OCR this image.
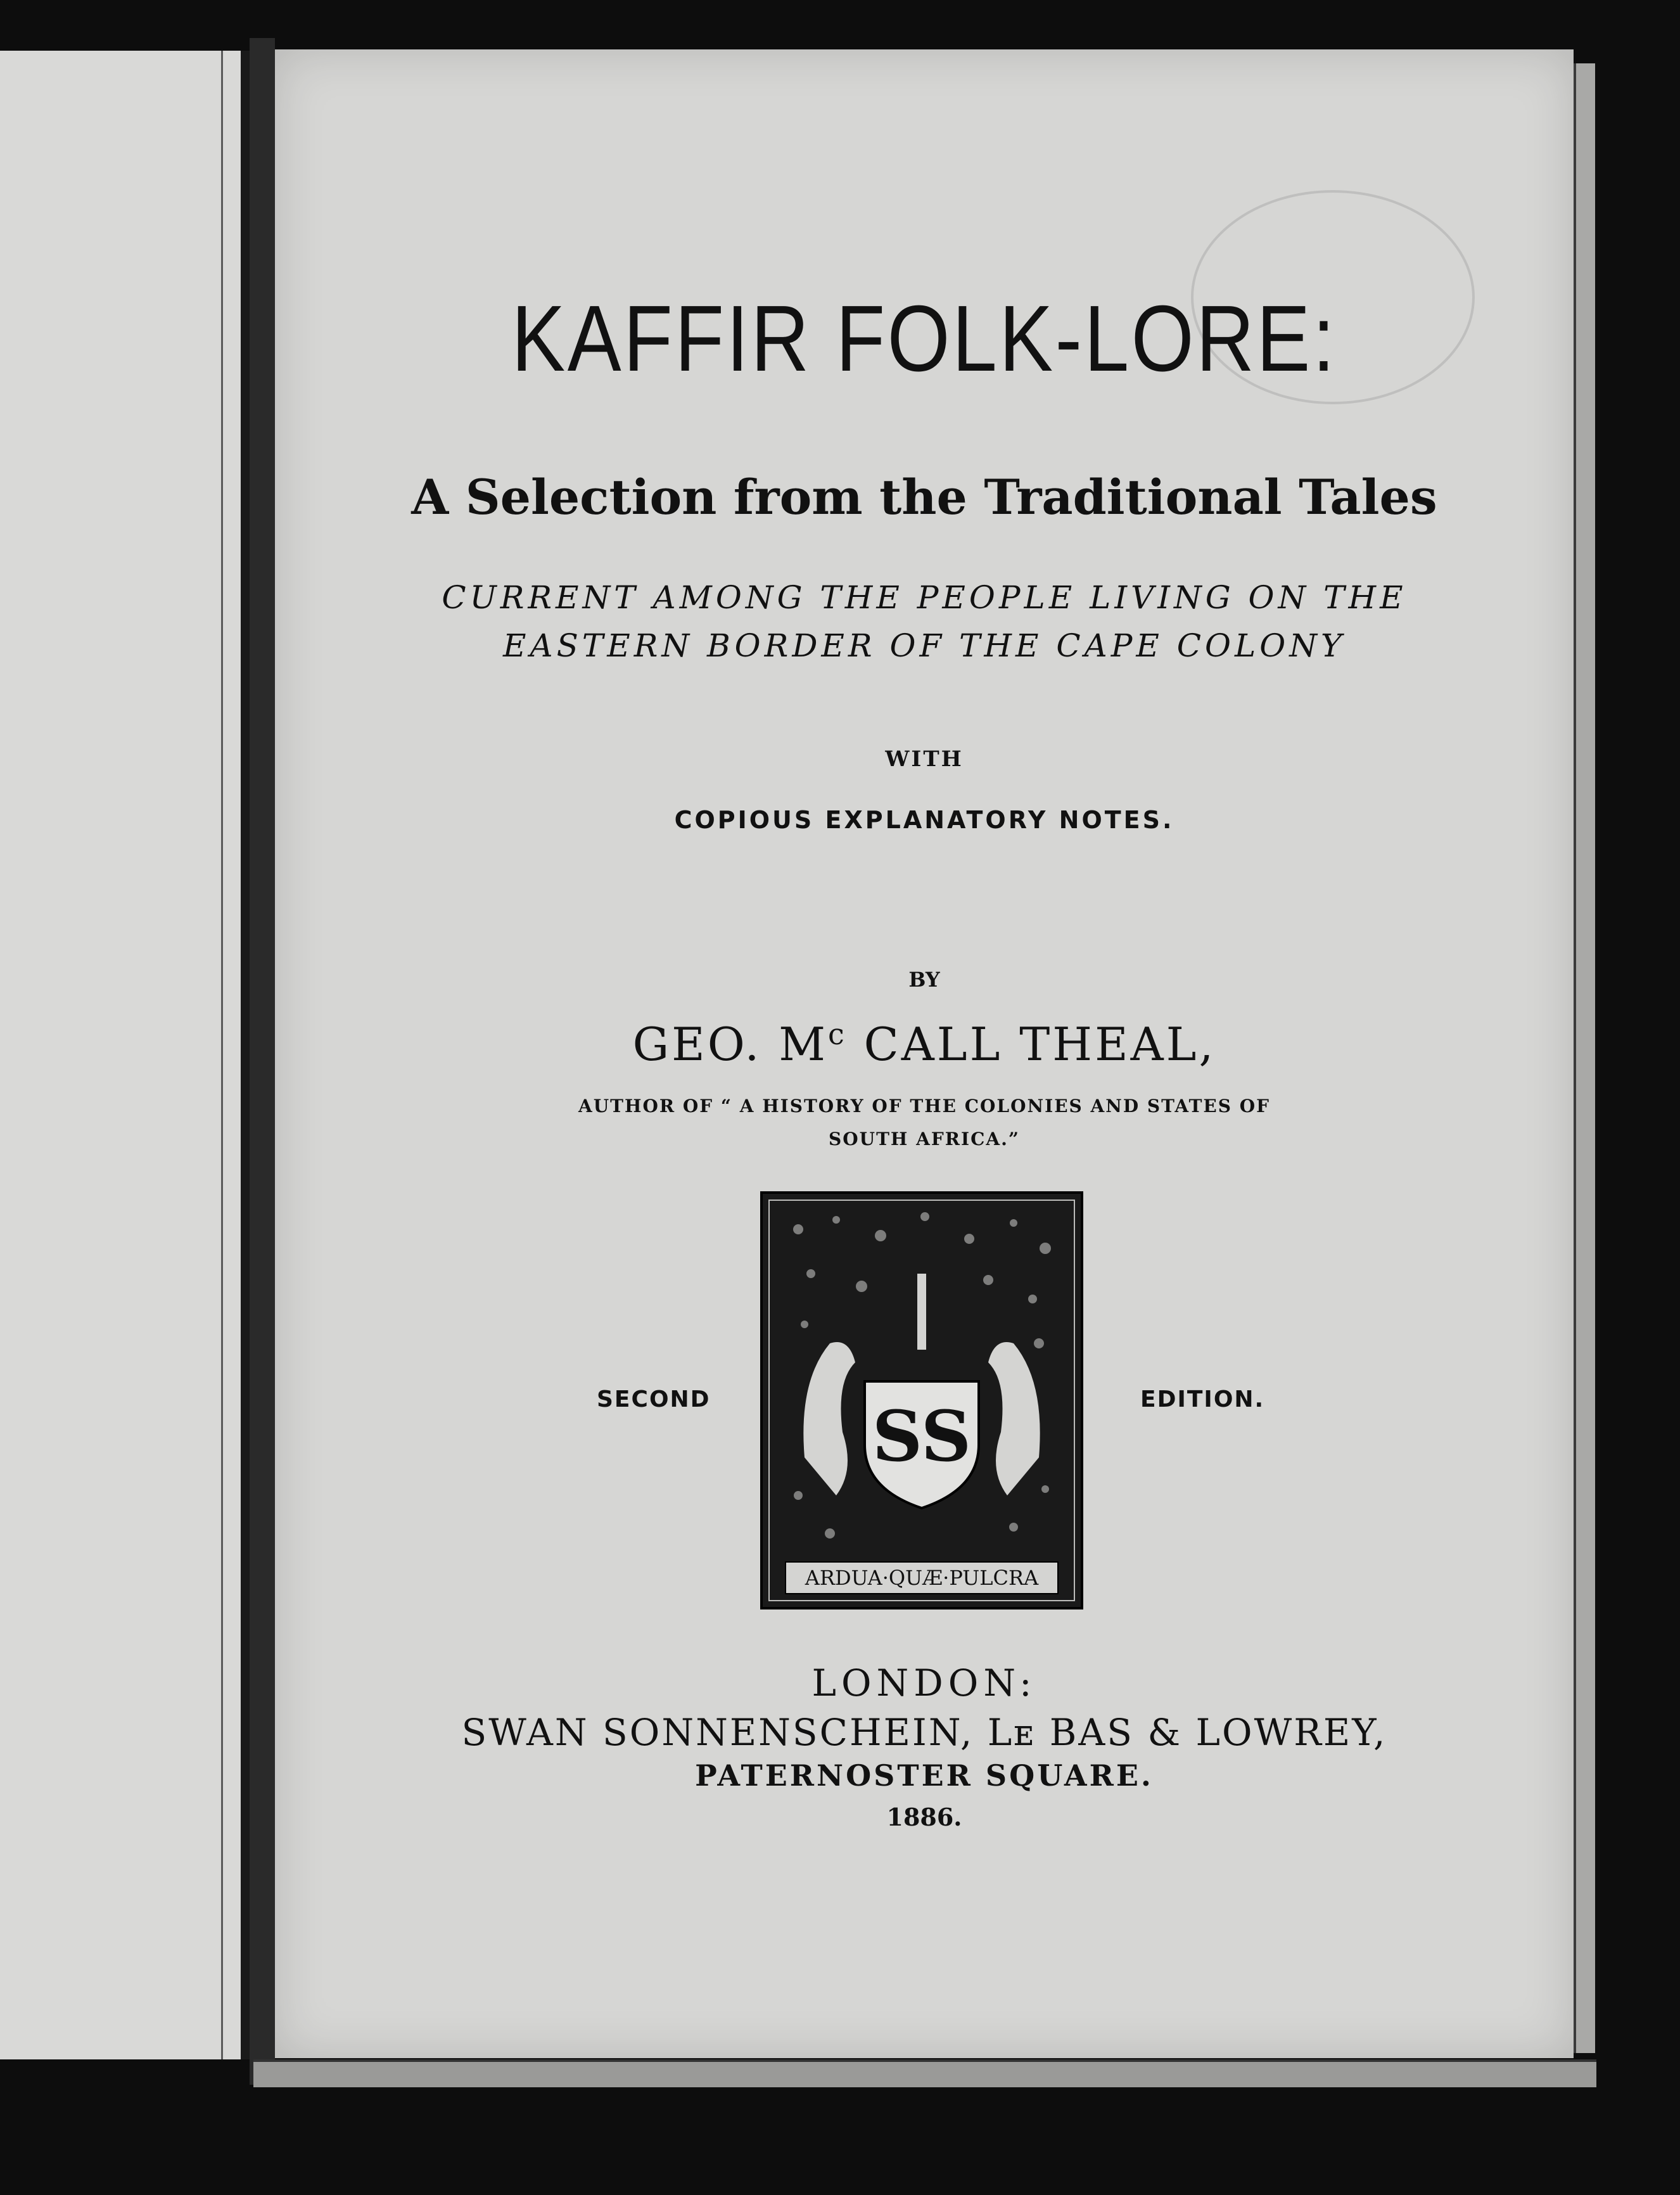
KAFFIR FOLK-LORE:
A Selection from the Traditional Tales
CURRENT AMONG THE PEOPLE LIVING ON THE
EASTERN BORDER OF THE CAPE COLONY
WITH
COPIOUS EXPLANATORY NOTES.
BY
GEO. $M^c$ CALL THEAL,
AUTHOR OF “ A HISTORY OF THE COLONIES AND STATES OF
SOUTH AFRICA.”
SECOND	EDITION.
SS
ARDUA·QUÆ·PULCRA
LONDON:
SWAN SONNENSCHEIN, Lᴇ BAS & LOWREY,
PATERNOSTER SQUARE.
1886.
